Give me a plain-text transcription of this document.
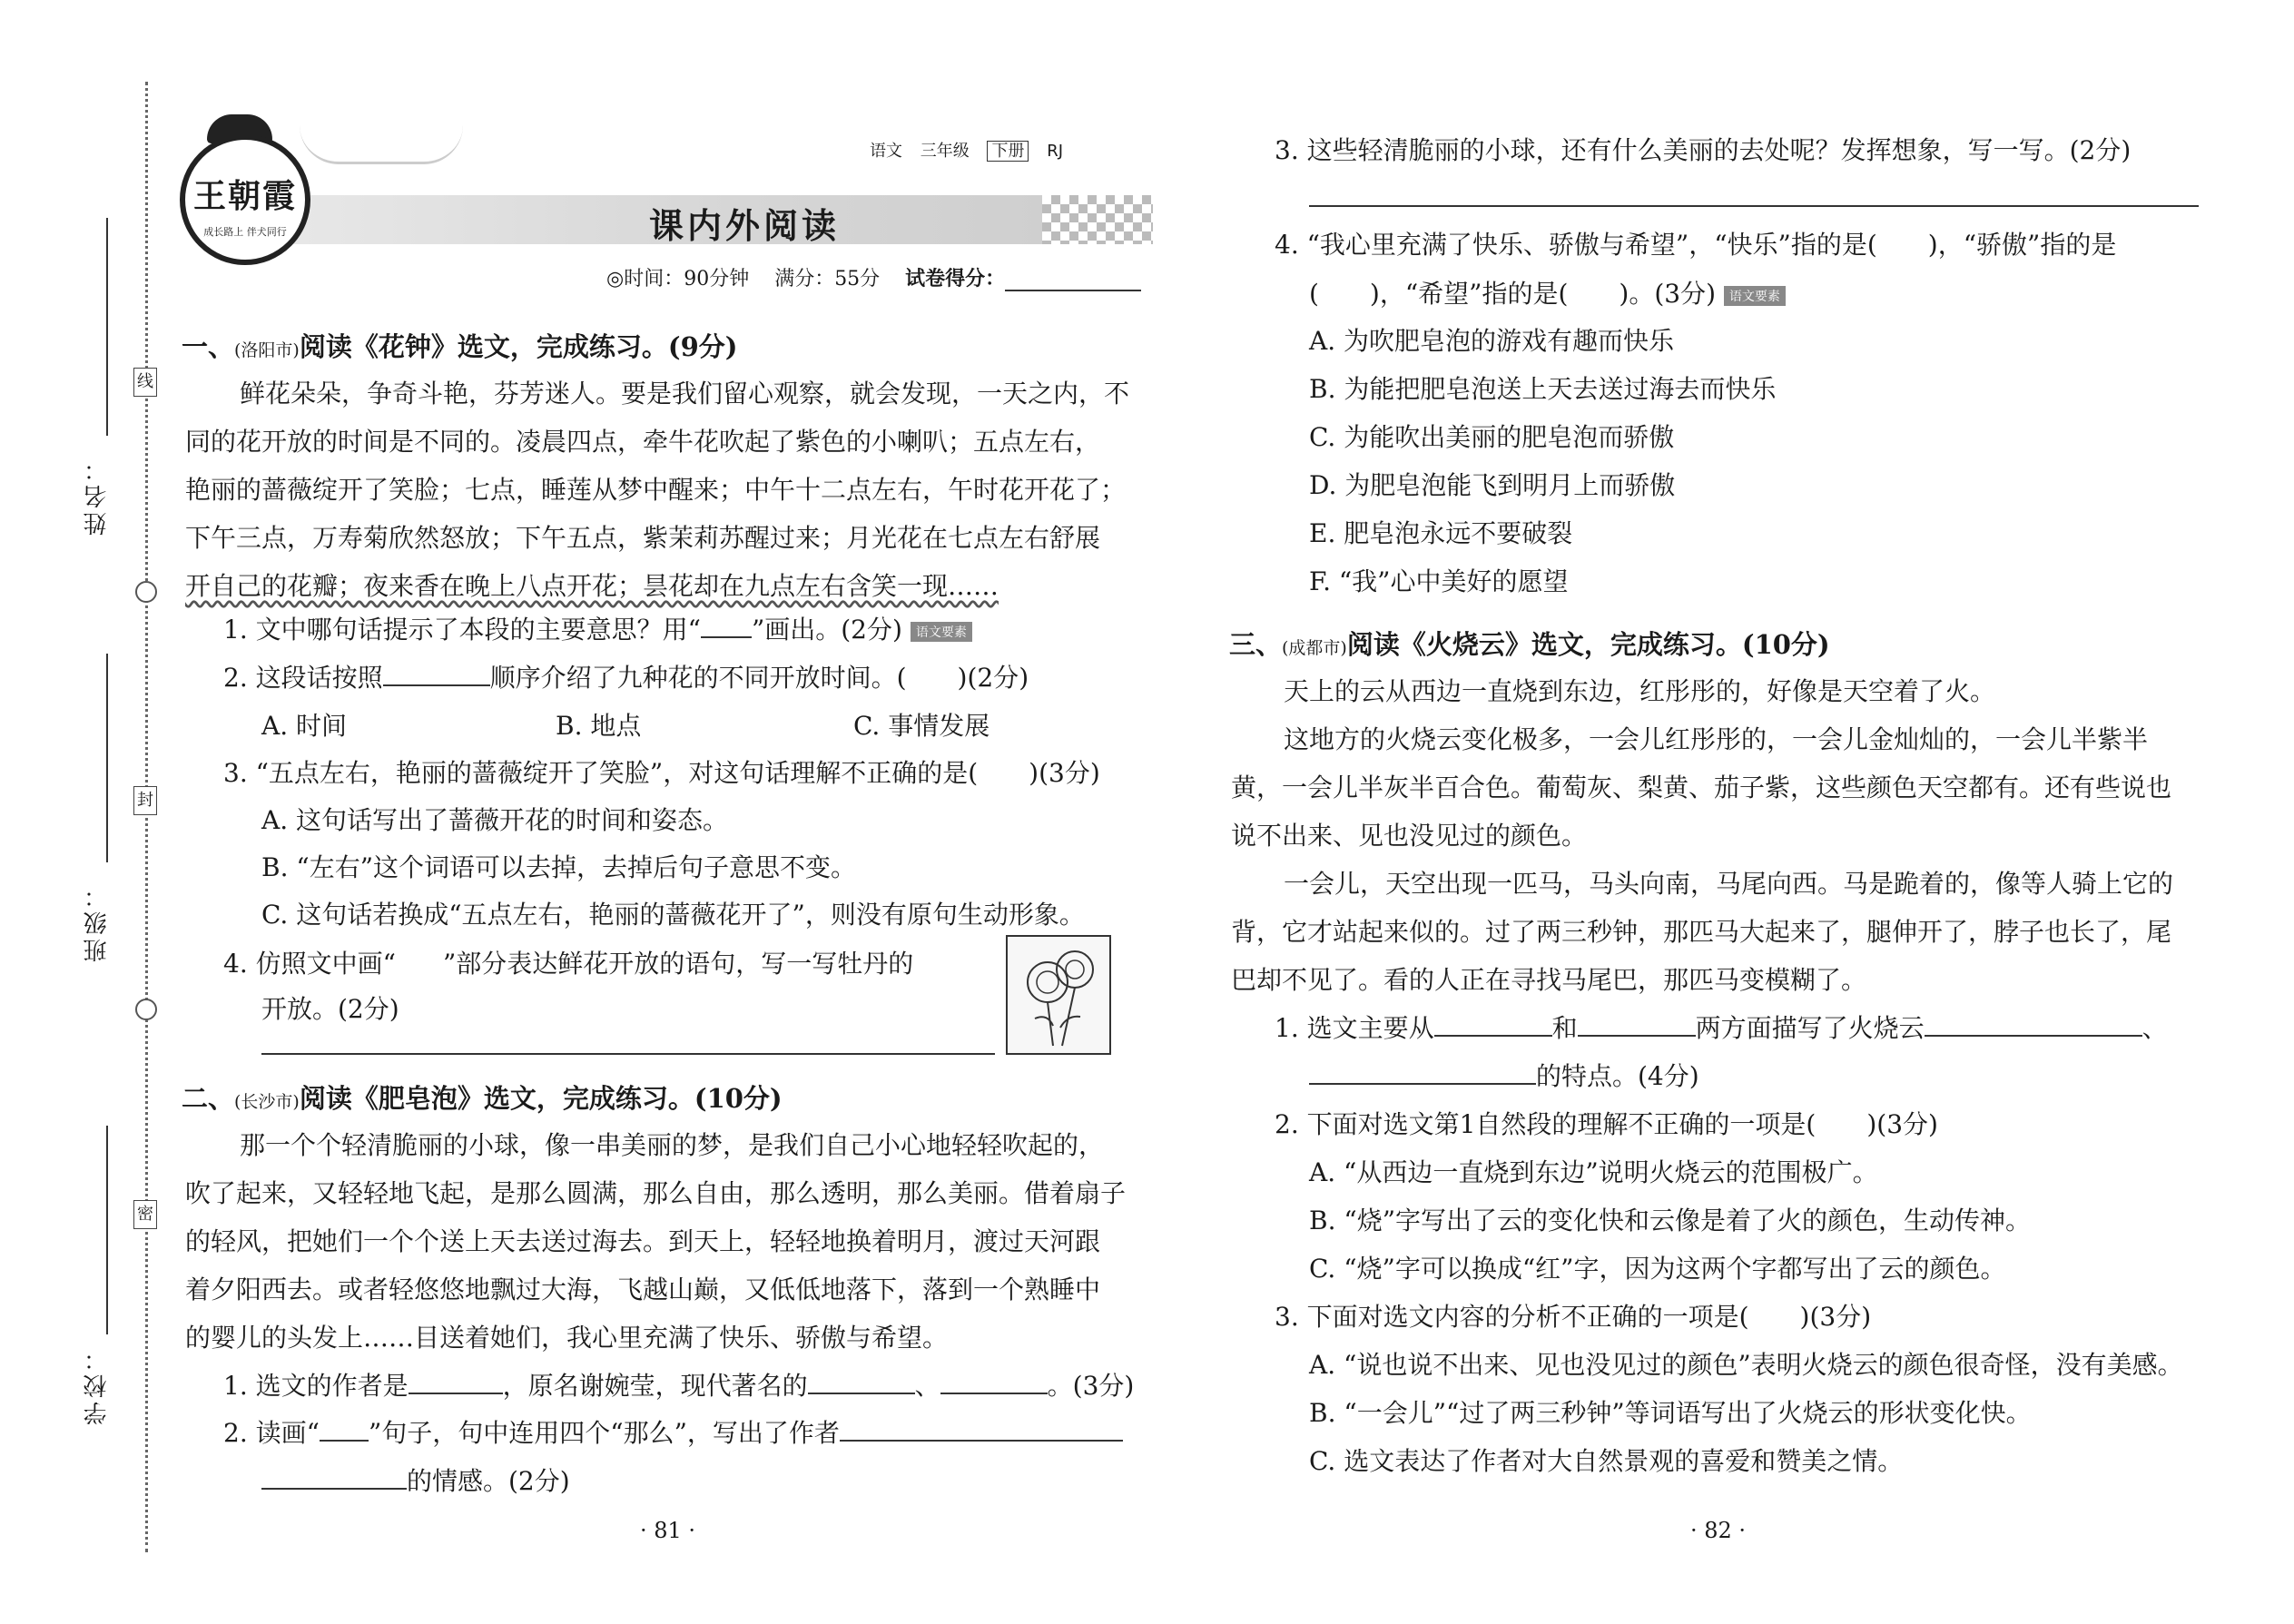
姓名：
班级：
学校：
线
封
密
王朝霞
成长路上 伴犬同行
语文 三年级 下册 RJ
课内外阅读
◎时间：90分钟 满分：55分 试卷得分：
一、(洛阳市)阅读《花钟》选文，完成练习。(9分)
鲜花朵朵，争奇斗艳，芬芳迷人。要是我们留心观察，就会发现，一天之内，不
同的花开放的时间是不同的。凌晨四点，牵牛花吹起了紫色的小喇叭；五点左右，
艳丽的蔷薇绽开了笑脸；七点，睡莲从梦中醒来；中午十二点左右，午时花开花了；
下午三点，万寿菊欣然怒放；下午五点，紫茉莉苏醒过来；月光花在七点左右舒展
开自己的花瓣；夜来香在晚上八点开花；昙花却在九点左右含笑一现……
1. 文中哪句话提示了本段的主要意思？用“ ”画出。(2分) 语文要素
2. 这段话按照	顺序介绍了九种花的不同开放时间。(　　)(2分)
A. 时间	B. 地点	C. 事情发展
3. “五点左右，艳丽的蔷薇绽开了笑脸”，对这句话理解不正确的是(　　)(3分)
A. 这句话写出了蔷薇开花的时间和姿态。
B. “左右”这个词语可以去掉，去掉后句子意思不变。
C. 这句话若换成“五点左右，艳丽的蔷薇花开了”，则没有原句生动形象。
4. 仿照文中画“ ”部分表达鲜花开放的语句，写一写牡丹的
开放。(2分)
二、(长沙市)阅读《肥皂泡》选文，完成练习。(10分)
那一个个轻清脆丽的小球，像一串美丽的梦，是我们自己小心地轻轻吹起的，
吹了起来，又轻轻地飞起，是那么圆满，那么自由，那么透明，那么美丽。借着扇子
的轻风，把她们一个个送上天去送过海去。到天上，轻轻地换着明月，渡过天河跟
着夕阳西去。或者轻悠悠地飘过大海，飞越山巅，又低低地落下，落到一个熟睡中
的婴儿的头发上……目送着她们，我心里充满了快乐、骄傲与希望。
1. 选文的作者是	，原名谢婉莹，现代著名的	、	。(3分)
2. 读画“ ”句子，句中连用四个“那么”，写出了作者
的情感。(2分)
· 81 ·
3. 这些轻清脆丽的小球，还有什么美丽的去处呢？发挥想象，写一写。(2分)
4. “我心里充满了快乐、骄傲与希望”，“快乐”指的是(　　)，“骄傲”指的是
(　　)，“希望”指的是(　　)。(3分) 语文要素
A. 为吹肥皂泡的游戏有趣而快乐
B. 为能把肥皂泡送上天去送过海去而快乐
C. 为能吹出美丽的肥皂泡而骄傲
D. 为肥皂泡能飞到明月上而骄傲
E. 肥皂泡永远不要破裂
F. “我”心中美好的愿望
三、(成都市)阅读《火烧云》选文，完成练习。(10分)
天上的云从西边一直烧到东边，红彤彤的，好像是天空着了火。
这地方的火烧云变化极多，一会儿红彤彤的，一会儿金灿灿的，一会儿半紫半
黄，一会儿半灰半百合色。葡萄灰、梨黄、茄子紫，这些颜色天空都有。还有些说也
说不出来、见也没见过的颜色。
一会儿，天空出现一匹马，马头向南，马尾向西。马是跪着的，像等人骑上它的
背，它才站起来似的。过了两三秒钟，那匹马大起来了，腿伸开了，脖子也长了，尾
巴却不见了。看的人正在寻找马尾巴，那匹马变模糊了。
1. 选文主要从	和	两方面描写了火烧云	、
的特点。(4分)
2. 下面对选文第1自然段的理解不正确的一项是(　　)(3分)
A. “从西边一直烧到东边”说明火烧云的范围极广。
B. “烧”字写出了云的变化快和云像是着了火的颜色，生动传神。
C. “烧”字可以换成“红”字，因为这两个字都写出了云的颜色。
3. 下面对选文内容的分析不正确的一项是(　　)(3分)
A. “说也说不出来、见也没见过的颜色”表明火烧云的颜色很奇怪，没有美感。
B. “一会儿”“过了两三秒钟”等词语写出了火烧云的形状变化快。
C. 选文表达了作者对大自然景观的喜爱和赞美之情。
· 82 ·
